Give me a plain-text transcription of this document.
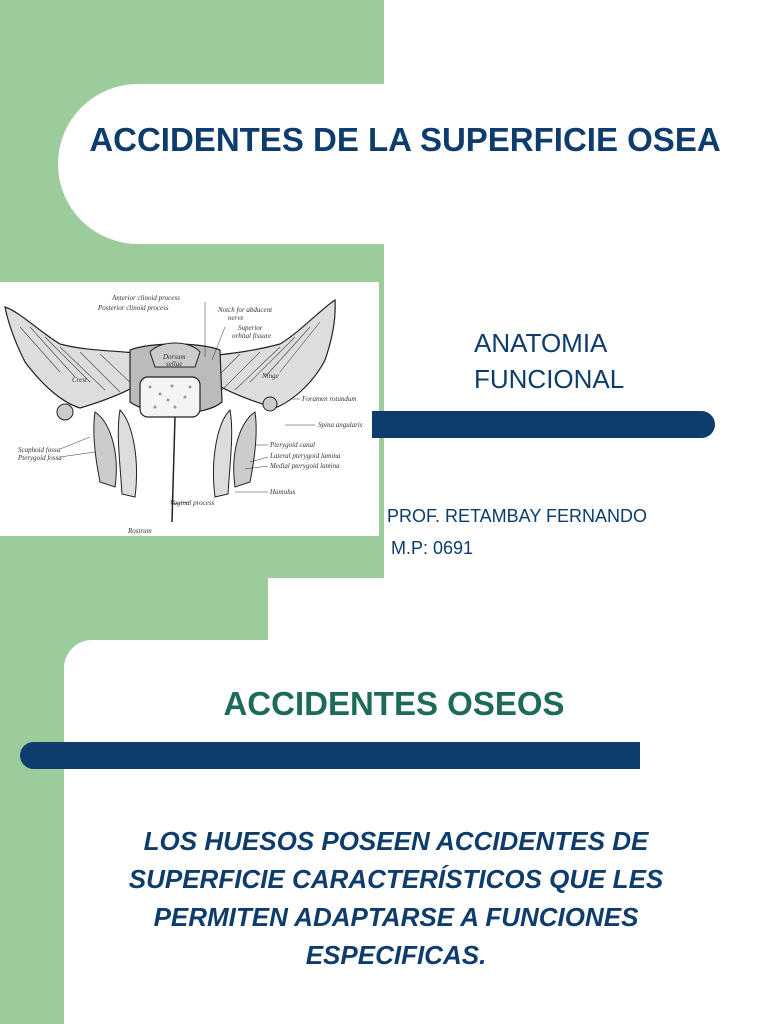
ACCIDENTES DE LA SUPERFICIE OSEA
Anterior clinoid process
Posterior clinoid process	Notch for abducent
nerve
Superior
orbital fissure
Dorsum
sellae
Crest	Ninge
Foramen rotundum
Spina angularis
Pterygoid canal
Lateral pterygoid lamina
Medial pterygoid lamina
Hamulus
Vaginal process
Rostrum
Scaphoid fossa
Pterygoid fossa
ANATOMIA FUNCIONAL
PROF. RETAMBAY FERNANDO
M.P: 0691
ACCIDENTES OSEOS
LOS HUESOS POSEEN ACCIDENTES DE SUPERFICIE CARACTERÍSTICOS QUE LES PERMITEN ADAPTARSE A FUNCIONES ESPECIFICAS.
